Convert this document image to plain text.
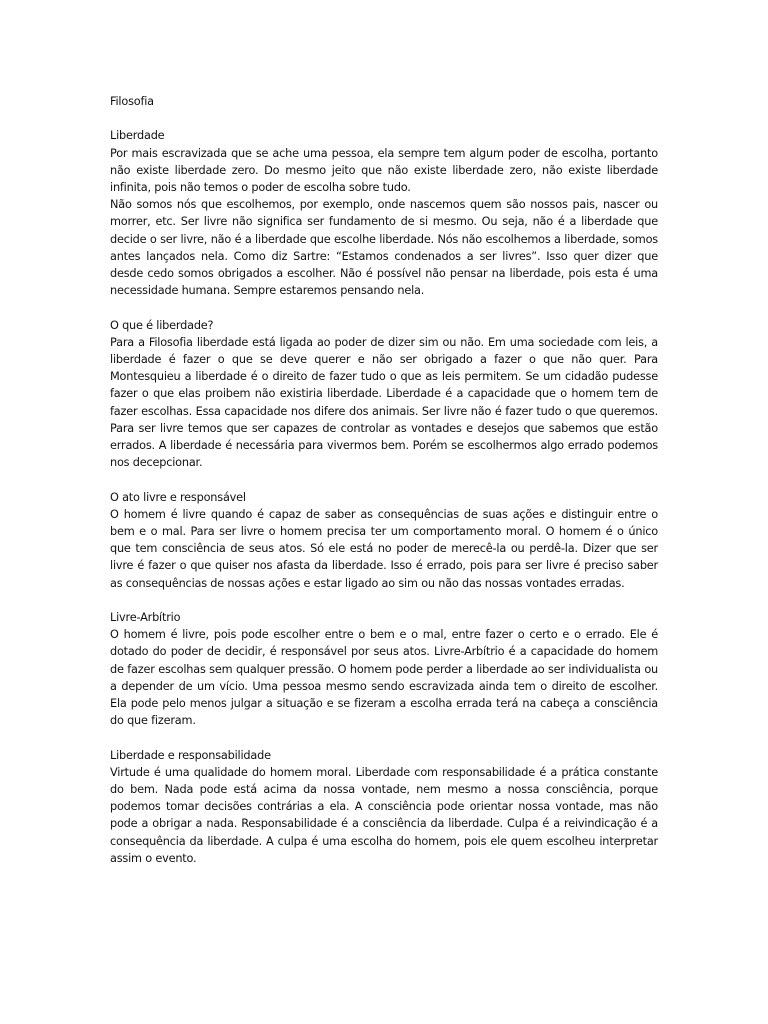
Filosofia
Liberdade

Por mais escravizada que se ache uma pessoa, ela sempre tem algum poder de escolha, portanto não existe liberdade zero. Do mesmo jeito que não existe liberdade zero, não existe liberdade infinita, pois não temos o poder de escolha sobre tudo.

Não somos nós que escolhemos, por exemplo, onde nascemos quem são nossos pais, nascer ou morrer, etc. Ser livre não significa ser fundamento de si mesmo. Ou seja, não é a liberdade que decide o ser livre, não é a liberdade que escolhe liberdade. Nós não escolhemos a liberdade, somos antes lançados nela. Como diz Sartre: “Estamos condenados a ser livres”. Isso quer dizer que desde cedo somos obrigados a escolher. Não é possível não pensar na liberdade, pois esta é uma necessidade humana. Sempre estaremos pensando nela.

O que é liberdade?

Para a Filosofia liberdade está ligada ao poder de dizer sim ou não. Em uma sociedade com leis, a liberdade é fazer o que se deve querer e não ser obrigado a fazer o que não quer. Para Montesquieu a liberdade é o direito de fazer tudo o que as leis permitem. Se um cidadão pudesse fazer o que elas proibem não existiria liberdade. Liberdade é a capacidade que o homem tem de fazer escolhas. Essa capacidade nos difere dos animais. Ser livre não é fazer tudo o que queremos. Para ser livre temos que ser capazes de controlar as vontades e desejos que sabemos que estão errados. A liberdade é necessária para vivermos bem. Porém se escolhermos algo errado podemos nos decepcionar.

O ato livre e responsável

O homem é livre quando é capaz de saber as consequências de suas ações e distinguir entre o bem e o mal. Para ser livre o homem precisa ter um comportamento moral. O homem é o único que tem consciência de seus atos. Só ele está no poder de merecê-la ou perdê-la. Dizer que ser livre é fazer o que quiser nos afasta da liberdade. Isso é errado, pois para ser livre é preciso saber as consequências de nossas ações e estar ligado ao sim ou não das nossas vontades erradas.

Livre-Arbítrio

O homem é livre, pois pode escolher entre o bem e o mal, entre fazer o certo e o errado. Ele é dotado do poder de decidir, é responsável por seus atos. Livre-Arbítrio é a capacidade do homem de fazer escolhas sem qualquer pressão. O homem pode perder a liberdade ao ser individualista ou a depender de um vício. Uma pessoa mesmo sendo escravizada ainda tem o direito de escolher. Ela pode pelo menos julgar a situação e se fizeram a escolha errada terá na cabeça a consciência do que fizeram.

Liberdade e responsabilidade

Virtude é uma qualidade do homem moral. Liberdade com responsabilidade é a prática constante do bem. Nada pode está acima da nossa vontade, nem mesmo a nossa consciência, porque podemos tomar decisões contrárias a ela. A consciência pode orientar nossa vontade, mas não pode a obrigar a nada. Responsabilidade é a consciência da liberdade. Culpa é a reivindicação é a consequência da liberdade. A culpa é uma escolha do homem, pois ele quem escolheu interpretar assim o evento.
